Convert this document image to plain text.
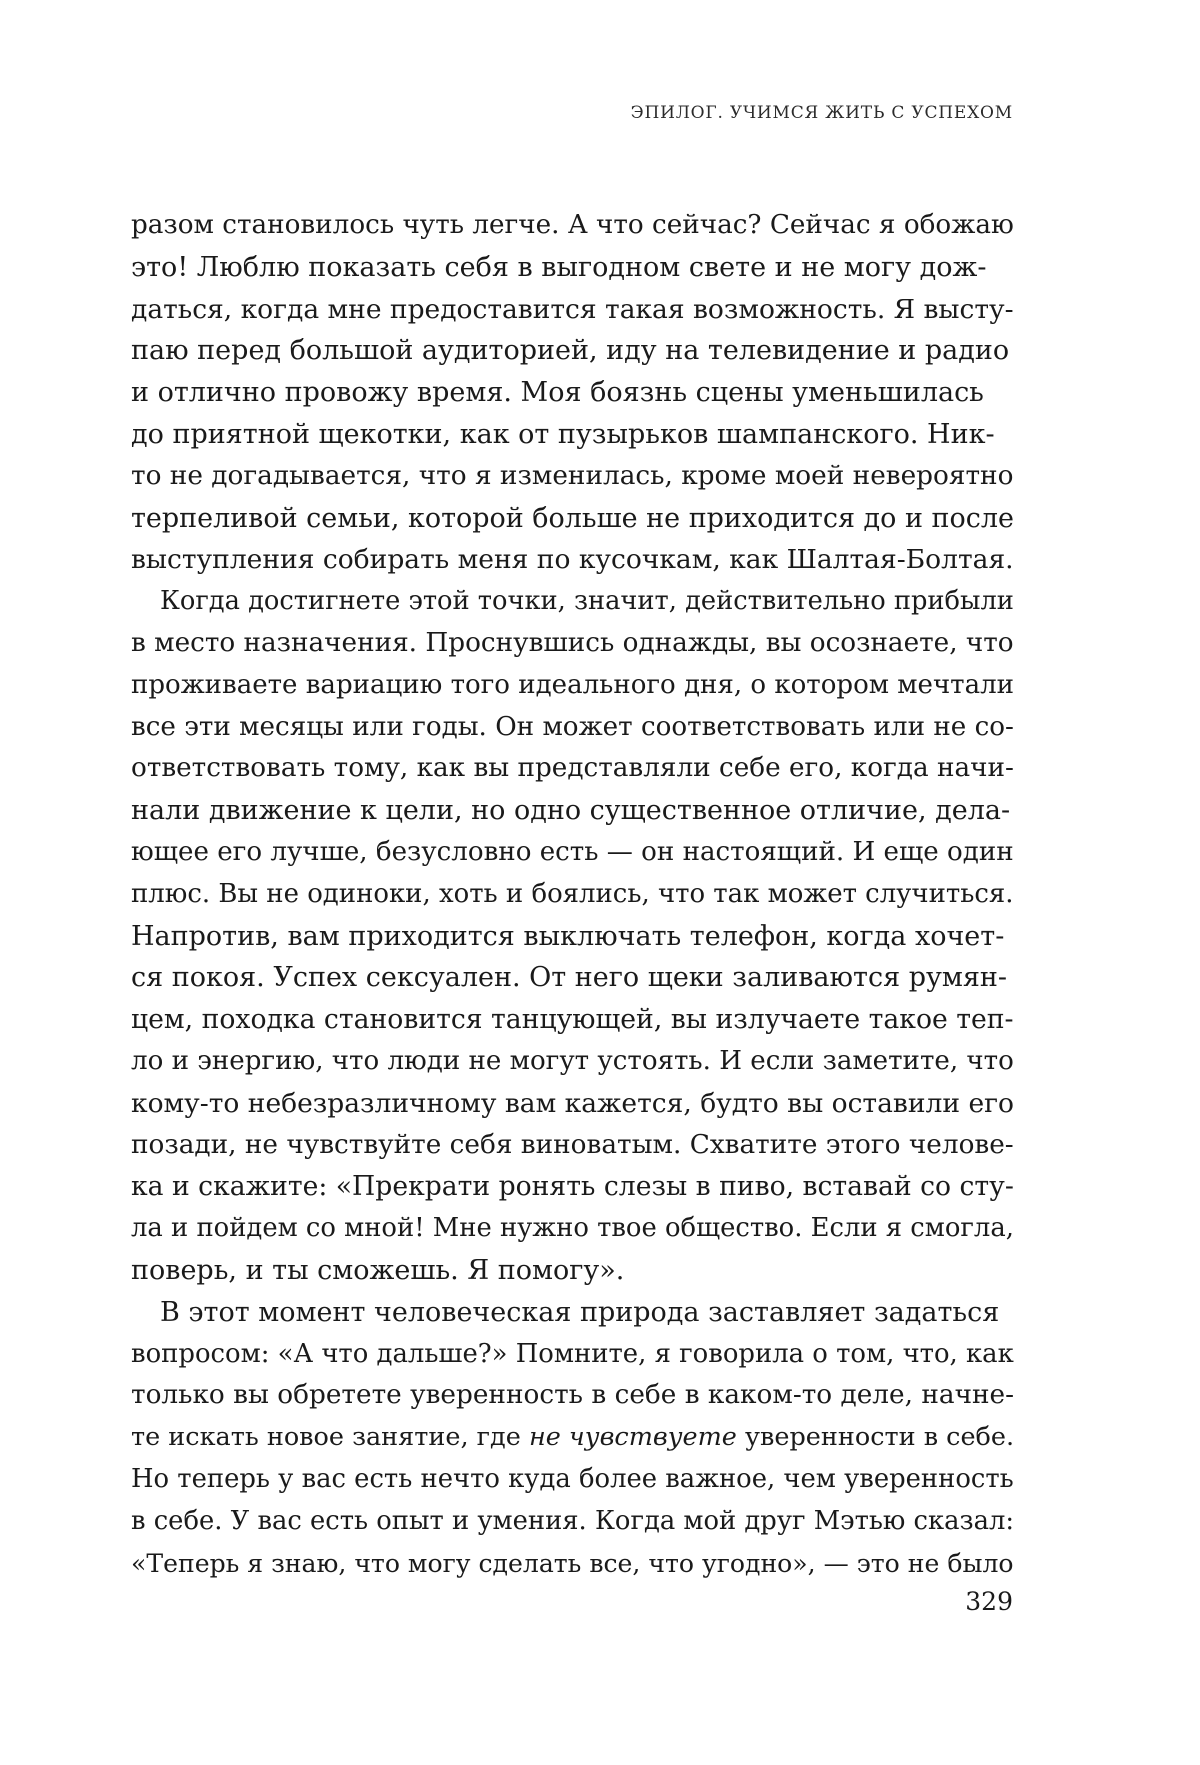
ЭПИЛОГ. УЧИМСЯ ЖИТЬ С УСПЕХОМ
разом становилось чуть легче. А что сейчас? Сейчас я обожаю
это! Люблю показать себя в выгодном свете и не могу дож-
даться, когда мне предоставится такая возможность. Я высту-
паю перед большой аудиторией, иду на телевидение и радио
и отлично провожу время. Моя боязнь сцены уменьшилась
до приятной щекотки, как от пузырьков шампанского. Ник-
то не догадывается, что я изменилась, кроме моей невероятно
терпеливой семьи, которой больше не приходится до и после
выступления собирать меня по кусочкам, как Шалтая-Болтая.
Когда достигнете этой точки, значит, действительно прибыли
в место назначения. Проснувшись однажды, вы осознаете, что
проживаете вариацию того идеального дня, о котором мечтали
все эти месяцы или годы. Он может соответствовать или не со-
ответствовать тому, как вы представляли себе его, когда начи-
нали движение к цели, но одно существенное отличие, дела-
ющее его лучше, безусловно есть — он настоящий. И еще один
плюс. Вы не одиноки, хоть и боялись, что так может случиться.
Напротив, вам приходится выключать телефон, когда хочет-
ся покоя. Успех сексуален. От него щеки заливаются румян-
цем, походка становится танцующей, вы излучаете такое теп-
ло и энергию, что люди не могут устоять. И если заметите, что
кому-то небезразличному вам кажется, будто вы оставили его
позади, не чувствуйте себя виноватым. Схватите этого челове-
ка и скажите: «Прекрати ронять слезы в пиво, вставай со сту-
ла и пойдем со мной! Мне нужно твое общество. Если я смогла,
поверь, и ты сможешь. Я помогу».
В этот момент человеческая природа заставляет задаться
вопросом: «А что дальше?» Помните, я говорила о том, что, как
только вы обретете уверенность в себе в каком-то деле, начне-
те искать новое занятие, где не чувствуете уверенности в себе.
Но теперь у вас есть нечто куда более важное, чем уверенность
в себе. У вас есть опыт и умения. Когда мой друг Мэтью сказал:
«Теперь я знаю, что могу сделать все, что угодно», — это не было
329
